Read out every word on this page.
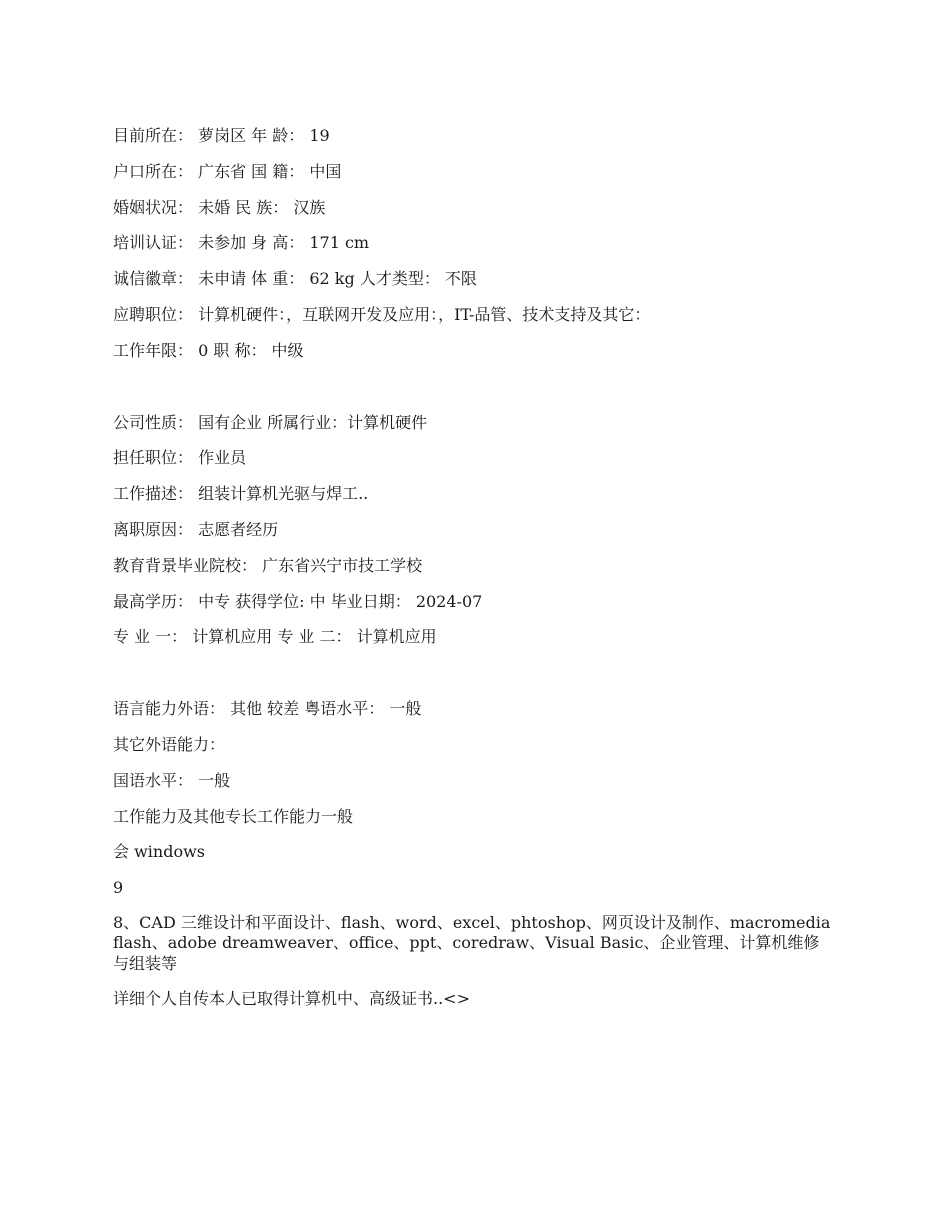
目前所在： 萝岗区 年 龄： 19
户口所在： 广东省 国 籍： 中国
婚姻状况： 未婚 民 族： 汉族
培训认证： 未参加 身 高： 171 cm
诚信徽章： 未申请 体 重： 62 kg 人才类型： 不限
应聘职位： 计算机硬件：，互联网开发及应用：，IT-品管、技术支持及其它：
工作年限： 0 职 称： 中级
公司性质： 国有企业 所属行业：计算机硬件
担任职位： 作业员
工作描述： 组装计算机光驱与焊工..
离职原因： 志愿者经历
教育背景毕业院校： 广东省兴宁市技工学校
最高学历： 中专 获得学位: 中 毕业日期： 2024-07
专 业 一： 计算机应用 专 业 二： 计算机应用
语言能力外语： 其他 较差 粤语水平： 一般
其它外语能力：
国语水平： 一般
工作能力及其他专长工作能力一般
会 windows
9
8、CAD 三维设计和平面设计、flash、word、excel、phtoshop、网页设计及制作、macromedia flash、adobe dreamweaver、office、ppt、coredraw、Visual Basic、企业管理、计算机维修与组装等
详细个人自传本人已取得计算机中、高级证书..<>
